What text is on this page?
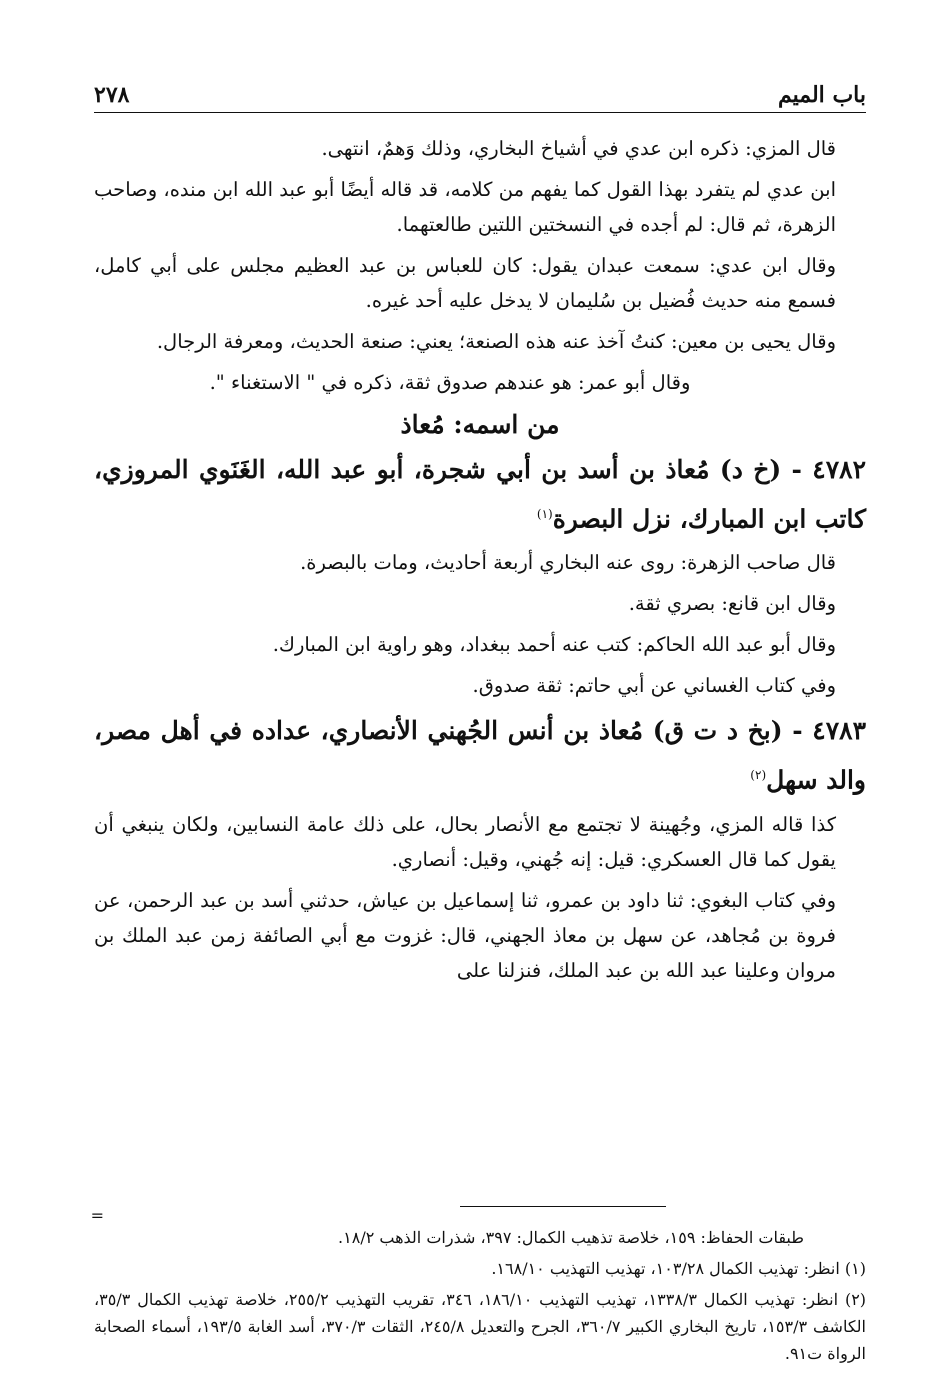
باب الميم
٢٧٨

قال المزي: ذكره ابن عدي في أشياخ البخاري، وذلك وَهمٌ، انتهى.

ابن عدي لم يتفرد بهذا القول كما يفهم من كلامه، قد قاله أيضًا أبو عبد الله ابن منده، وصاحب الزهرة، ثم قال: لم أجده في النسختين اللتين طالعتهما.

وقال ابن عدي: سمعت عبدان يقول: كان للعباس بن عبد العظيم مجلس على أبي كامل، فسمع منه حديث فُضيل بن سُليمان لا يدخل عليه أحد غيره.

وقال يحيى بن معين: كنتُ آخذ عنه هذه الصنعة؛ يعني: صنعة الحديث، ومعرفة الرجال.

وقال أبو عمر: هو عندهم صدوق ثقة، ذكره في " الاستغناء ".

من اسمه: مُعاذ
٤٧٨٢ - (خ د) مُعاذ بن أسد بن أبي شجرة، أبو عبد الله، الغَنَوي المروزي، كاتب ابن المبارك، نزل البصرة$^{(١)}$

قال صاحب الزهرة: روى عنه البخاري أربعة أحاديث، ومات بالبصرة.

وقال ابن قانع: بصري ثقة.

وقال أبو عبد الله الحاكم: كتب عنه أحمد ببغداد، وهو راوية ابن المبارك.

وفي كتاب الغساني عن أبي حاتم: ثقة صدوق.

٤٧٨٣ - (بخ د ت ق) مُعاذ بن أنس الجُهني الأنصاري، عداده في أهل مصر، والد سهل$^{(٢)}$

كذا قاله المزي، وجُهينة لا تجتمع مع الأنصار بحال، على ذلك عامة النسابين، ولكان ينبغي أن يقول كما قال العسكري: قيل: إنه جُهني، وقيل: أنصاري.

وفي كتاب البغوي: ثنا داود بن عمرو، ثنا إسماعيل بن عياش، حدثني أسد بن عبد الرحمن، عن فروة بن مُجاهد، عن سهل بن معاذ الجهني، قال: غزوت مع أبي الصائفة زمن عبد الملك بن مروان وعلينا عبد الله بن عبد الملك، فنزلنا على

=

طبقات الحفاظ: ١٥٩، خلاصة تذهيب الكمال: ٣٩٧، شذرات الذهب ١٨/٢.

(١) انظر: تهذيب الكمال ١٠٣/٢٨، تهذيب التهذيب ١٦٨/١٠.

(٢) انظر: تهذيب الكمال ١٣٣٨/٣، تهذيب التهذيب ١٨٦/١٠، ٣٤٦، تقريب التهذيب ٢٥٥/٢، خلاصة تهذيب الكمال ٣٥/٣، الكاشف ١٥٣/٣، تاريخ البخاري الكبير ٣٦٠/٧، الجرح والتعديل ٢٤٥/٨، الثقات ٣٧٠/٣، أسد الغابة ١٩٣/٥، أسماء الصحابة الرواة ت٩١.
